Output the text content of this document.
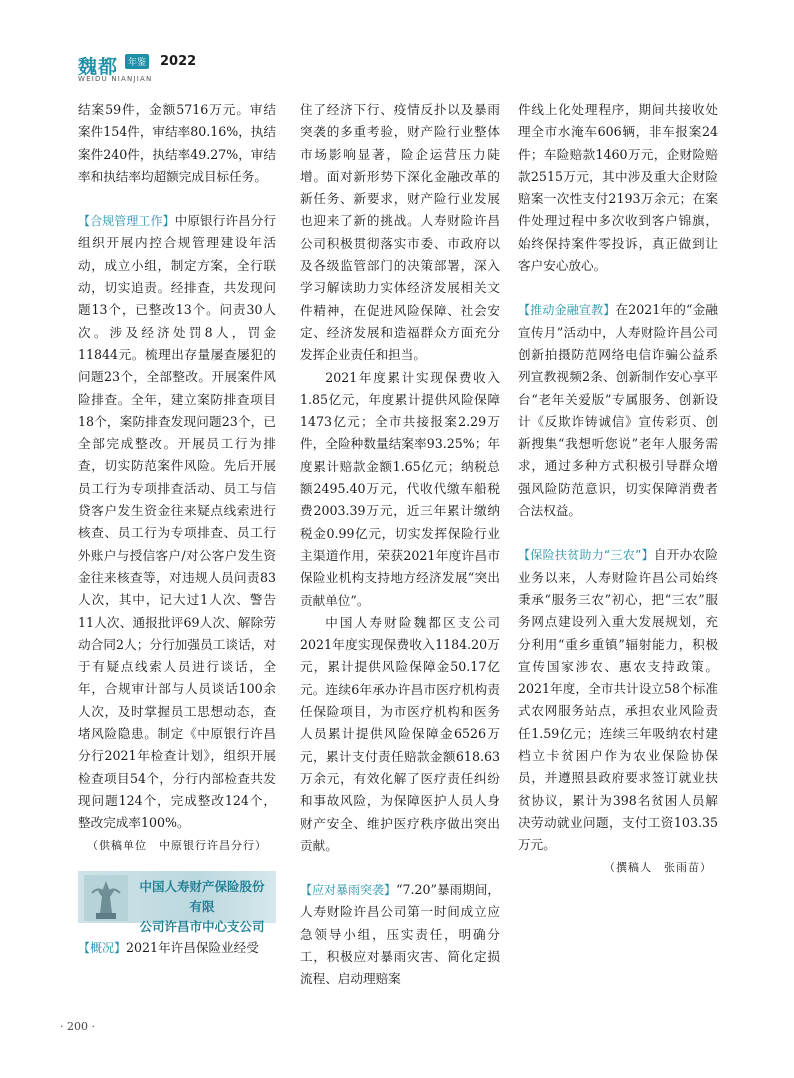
魏都	年鉴 2022
WEIDU NIANJIAN

结案59件，金额5716万元。审结案件154件，审结率80.16%，执结案件240件，执结率49.27%，审结率和执结率均超额完成目标任务。

【合规管理工作】中原银行许昌分行组织开展内控合规管理建设年活动，成立小组，制定方案，全行联动，切实追责。经排查，共发现问题13个，已整改13个。问责30人次。涉及经济处罚8人，罚金11844元。梳理出存量屡查屡犯的问题23个，全部整改。开展案件风险排查。全年，建立案防排查项目18个，案防排查发现问题23个，已全部完成整改。开展员工行为排查，切实防范案件风险。先后开展员工行为专项排查活动、员工与信贷客户发生资金往来疑点线索进行核查、员工行为专项排查、员工行外账户与授信客户/对公客户发生资金往来核查等，对违规人员问责83人次，其中，记大过1人次、警告11人次、通报批评69人次、解除劳动合同2人；分行加强员工谈话，对于有疑点线索人员进行谈话，全年，合规审计部与人员谈话100余人次，及时掌握员工思想动态，查堵风险隐患。制定《中原银行许昌分行2021年检查计划》，组织开展检查项目54个，分行内部检查共发现问题124个，完成整改124个，整改完成率100%。

（供稿单位　中原银行许昌分行）

中国人寿财产保险股份有限
公司许昌市中心支公司

【概况】2021年许昌保险业经受

住了经济下行、疫情反扑以及暴雨突袭的多重考验，财产险行业整体市场影响显著，险企运营压力陡增。面对新形势下深化金融改革的新任务、新要求，财产险行业发展也迎来了新的挑战。人寿财险许昌公司积极贯彻落实市委、市政府以及各级监管部门的决策部署，深入学习解读助力实体经济发展相关文件精神，在促进风险保障、社会安定、经济发展和造福群众方面充分发挥企业责任和担当。

2021年度累计实现保费收入1.85亿元，年度累计提供风险保障1473亿元；全市共接报案2.29万件，全险种数量结案率93.25%；年度累计赔款金额1.65亿元；纳税总额2495.40万元，代收代缴车船税费2003.39万元，近三年累计缴纳税金0.99亿元，切实发挥保险行业主渠道作用，荣获2021年度许昌市保险业机构支持地方经济发展“突出贡献单位”。

中国人寿财险魏都区支公司2021年度实现保费收入1184.20万元，累计提供风险保障金50.17亿元。连续6年承办许昌市医疗机构责任保险项目，为市医疗机构和医务人员累计提供风险保障金6526万元，累计支付责任赔款金额618.63万余元，有效化解了医疗责任纠纷和事故风险，为保障医护人员人身财产安全、维护医疗秩序做出突出贡献。

【应对暴雨突袭】“7.20”暴雨期间，人寿财险许昌公司第一时间成立应急领导小组，压实责任，明确分工，积极应对暴雨灾害、简化定损流程、启动理赔案

件线上化处理程序，期间共接收处理全市水淹车606辆，非车报案24件；车险赔款1460万元，企财险赔款2515万元，其中涉及重大企财险赔案一次性支付2193万余元；在案件处理过程中多次收到客户锦旗，始终保持案件零投诉，真正做到让客户安心放心。

【推动金融宣教】在2021年的“金融宣传月”活动中，人寿财险许昌公司创新拍摄防范网络电信诈骗公益系列宣教视频2条、创新制作安心享平台“老年关爱版”专属服务、创新设计《反欺诈铸诚信》宣传彩页、创新搜集“我想听您说”老年人服务需求，通过多种方式积极引导群众增强风险防范意识，切实保障消费者合法权益。

【保险扶贫助力“三农”】自开办农险业务以来，人寿财险许昌公司始终秉承“服务三农”初心，把“三农”服务网点建设列入重大发展规划，充分利用“重乡重镇”辐射能力，积极宣传国家涉农、惠农支持政策。2021年度，全市共计设立58个标准式农网服务站点，承担农业风险责任1.59亿元；连续三年吸纳农村建档立卡贫困户作为农业保险协保员，并遵照县政府要求签订就业扶贫协议，累计为398名贫困人员解决劳动就业问题，支付工资103.35万元。

（撰稿人　张雨苗）

· 200 ·
